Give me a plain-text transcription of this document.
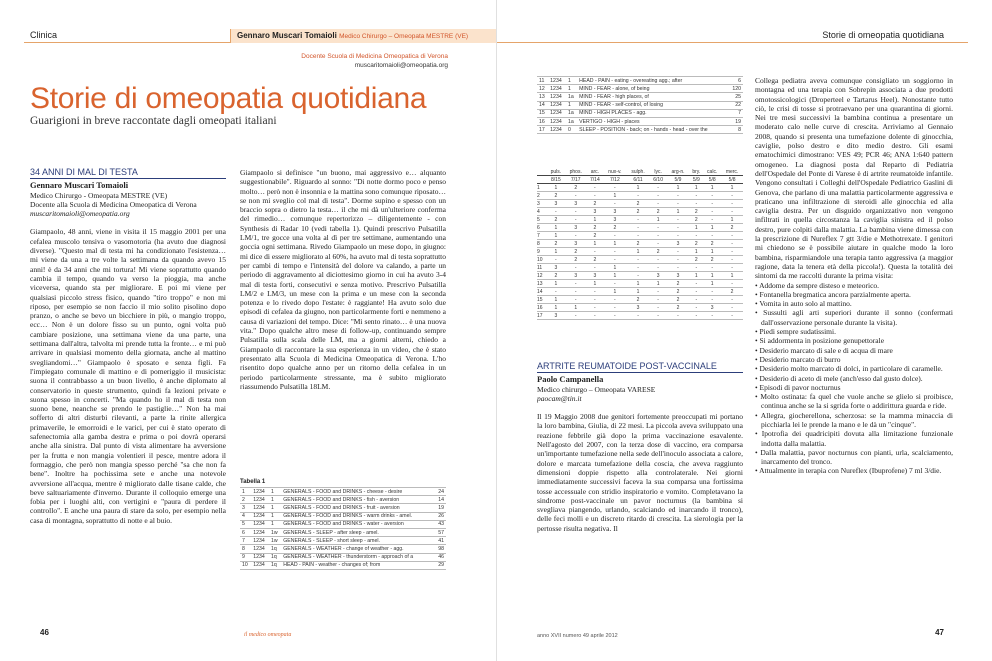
Clinica	Gennaro Muscari Tomaioli Medico Chirurgo – Omeopata MESTRE (VE)
Docente Scuola di Medicina Omeopatica di Verona
muscaritomaioli@omeopatia.org
Storie di omeopatia quotidiana
Guarigioni in breve raccontate dagli omeopati italiani
34 ANNI DI MAL DI TESTA
Gennaro Muscari Tomaioli
Medico Chirurgo - Omeopata MESTRE (VE)
Docente alla Scuola di Medicina Omeopatica di Verona
muscaritomaioli@omeopatia.org

Giampaolo, 48 anni, viene in visita il 15 maggio 2001 per una cefalea muscolo tensiva o vasomotoria (ha avuto due diagnosi diverse). "Questo mal di testa mi ha condizionato l'esistenza… mi viene da una a tre volte la settimana da quando avevo 15 anni! è da 34 anni che mi tortura! Mi viene soprattutto quando cambia il tempo, quando va verso la pioggia, ma anche viceversa, quando sta per migliorare. E poi mi viene per qualsiasi piccolo stress fisico, quando "tiro troppo" e non mi riposo, per esempio se non faccio il mio solito pisolino dopo pranzo, o anche se bevo un bicchiere in più, o mangio troppo, ecc… Non è un dolore fisso su un punto, ogni volta può cambiare posizione, una settimana viene da una parte, una settimana dall'altra, talvolta mi prende tutta la fronte… e mi può arrivare in qualsiasi momento della giornata, anche al mattino svegliandomi…" Giampaolo è sposato e senza figli. Fa l'impiegato comunale di mattino e di pomeriggio il musicista: suona il contrabbasso a un buon livello, è anche diplomato al conservatorio in queste strumento, quindi fa lezioni private e suona spesso in concerti. "Ma quando ho il mal di testa non suono bene, neanche se prendo le pastiglie…" Non ha mai sofferto di altri disturbi rilevanti, a parte la rinite allergica primaverile, le emorroidi e le varici, per cui è stato operato di safenectomia alla gamba destra e prima o poi dovrà operarsi anche alla sinistra. Dal punto di vista alimentare ha avversione per la frutta e non mangia volentieri il pesce, mentre adora il formaggio, che però non mangia spesso perché "sa che non fa bene". Inoltre ha pochissima sete e anche una notevole avversione all'acqua, mentre è migliorato dalle tisane calde, che beve saltuariamente d'inverno. Durante il colloquio emerge una fobia per i luoghi alti, con vertigini e "paura di perdere il controllo". E anche una paura di stare da solo, per esempio nella casa di montagna, soprattutto di notte e al buio.

Giampaolo si definisce "un buono, mai aggressivo e… alquanto suggestionabile". Riguardo al sonno: "Di notte dormo poco e penso molto… però non è insonnia e la mattina sono comunque riposato… se non mi sveglio col mal di testa". Dorme supino e spesso con un braccio sopra o dietro la testa… il che mi dà un'ulteriore conferma del rimedio… comunque repertorizzo – diligentemente - con Synthesis di Radar 10 (vedi tabella 1). Quindi prescrivo Pulsatilla LM/1, tre gocce una volta al dì per tre settimane, aumentando una goccia ogni settimana. Rivedo Giampaolo un mese dopo, in giugno: mi dice di essere migliorato al 60%, ha avuto mal di testa soprattutto per cambi di tempo e l'intensità del dolore va calando, a parte un periodo di aggravamento al diciottesimo giorno in cui ha avuto 3-4 mal di testa forti, consecutivi e senza motivo. Prescrivo Pulsatilla LM/2 e LM/3, un mese con la prima e un mese con la seconda potenza e lo rivedo dopo l'estate: è raggiante! Ha avuto solo due episodi di cefalea da giugno, non particolarmente forti e nemmeno a causa di variazioni del tempo. Dice: "Mi sento rinato… è una nuova vita." Dopo qualche altro mese di follow-up, continuando sempre Pulsatilla sulla scala delle LM, ma a giorni alterni, chiedo a Giampaolo di raccontare la sua esperienza in un video, che è stato presentato alla Scuola di Medicina Omeopatica di Verona. L'ho risentito dopo qualche anno per un ritorno della cefalea in un periodo particolarmente stressante, ma è subito migliorato riassumendo Pulsatilla 18LM.

Tabella 1
1	1234	1	GENERALS - FOOD and DRINKS - cheese - desire	24
2	1234	1	GENERALS - FOOD and DRINKS - fish - aversion	14
3	1234	1	GENERALS - FOOD and DRINKS - fruit - aversion	19
4	1234	1	GENERALS - FOOD and DRINKS - warm drinks - amel.	26
5	1234	1	GENERALS - FOOD and DRINKS - water - aversion	43
6	1234	1w	GENERALS - SLEEP - after sleep - amel.	57
7	1234	1w	GENERALS - SLEEP - short sleep - amel.	41
8	1234	1q	GENERALS - WEATHER - change of weather - agg.	98
9	1234	1q	GENERALS - WEATHER - thunderstorm - approach of a	46
10	1234	1q	HEAD - PAIN - weather - changes of; from	29
46	il medico omeopata
Storie di omeopatia quotidiana
11	1234	1	HEAD - PAIN - eating - overeating agg.; after	6
12	1234	1	MIND - FEAR - alone, of being	120
13	1234	1a	MIND - FEAR - high places, of	25
14	1234	1	MIND - FEAR - self-control, of losing	22
15	1234	1a	MIND - HIGH PLACES - agg.	7
16	1234	1a	VERTIGO - HIGH - places	19
17	1234	0	SLEEP - POSITION - back; on - hands - head - over the	8
	puls.	phos.	arс.	nux-v.	sulph.	lyc.	arg-n.	bry.	calc.	merc.
	8/15	7/17	7/14	7/12	6/11	6/10	5/9	5/9	5/8	5/8
1	1	2	-	-	1	-	1	1	1	1
2	2	-	-	1	-	-	-	-	-	-
3	3	3	2	-	2	-	-	-	-	-
4	-	-	3	3	2	2	1	2	-	-
5	2	-	1	3	-	1	-	2	-	1
6	1	3	2	2	-	-	-	1	1	2
7	1	-	2	-	-	-	-	-	-	-
8	2	3	1	1	2	-	3	2	2	-
9	1	2	-	-	1	2	-	1	1	-
10	-	2	2	-	-	-	-	2	2	-
11	3	-	-	1	-	-	-	-	-	-
12	2	3	3	1	-	3	3	1	1	1
13	1	-	1	-	1	1	2	-	1	-
14	-	-	-	1	1	-	2	-	-	2
15	1	-	-	-	2	-	2	-	-	-
16	1	1	-	-	3	-	2	-	3	-
17	3	-	-	-	-	-	-	-	-	-
ARTRITE REUMATOIDE POST-VACCINALE
Paolo Campanella
Medico chirurgo – Omeopata VARESE
paocam@tin.it

Il 19 Maggio 2008 due genitori fortemente preoccupati mi portano la loro bambina, Giulia, di 22 mesi. La piccola aveva sviluppato una reazione febbrile già dopo la prima vaccinazione esavalente. Nell'agosto del 2007, con la terza dose di vaccino, era comparsa un'importante tumefazione nella sede dell'inoculo associata a calore, dolore e marcata tumefazione della coscia, che aveva raggiunto dimensioni doppie rispetto alla controlaterale. Nei giorni immediatamente successivi faceva la sua comparsa una fortissima tosse accessuale con stridio inspiratorio e vomito. Completavano la sindrome post-vaccinale un pavor nocturnus (la bambina si svegliava piangendo, urlando, scalciando ed inarcando il tronco), delle feci molli e un discreto ritardo di crescita. La sierologia per la pertosse risulta negativa. Il

Collega pediatra aveva comunque consigliato un soggiorno in montagna ed una terapia con Sobrepin associata a due prodotti omotossicologici (Droperteel e Tartarus Heel). Nonostante tutto ciò, le crisi di tosse si protraevano per una quarantina di giorni. Nei tre mesi successivi la bambina continua a presentare un moderato calo nelle curve di crescita. Arriviamo al Gennaio 2008, quando si presenta una tumefazione dolente di ginocchia, caviglie, polso destro e dito medio destro. Gli esami ematochimici dimostrano: VES 49; PCR 46; ANA 1:640 pattern omogeneo. La diagnosi posta dal Reparto di Pediatria dell'Ospedale del Ponte di Varese è di artrite reumatoide infantile. Vengono consultati i Colleghi dell'Ospedale Pediatrico Gaslini di Genova, che parlano di una malattia particolarmente aggressiva e praticano una infiltrazione di steroidi alle ginocchia ed alla caviglia destra. Per un disguido organizzativo non vengono infiltrati in quella circostanza la caviglia sinistra ed il polso destro, pure colpiti dalla malattia. La bambina viene dimessa con la prescrizione di Nureflex 7 gtt 3/die e Methotrexate. I genitori mi chiedono se è possibile aiutare in qualche modo la loro bambina, risparmiandole una terapia tanto aggressiva (a maggior ragione, data la tenera età della piccola!). Questa la totalità dei sintomi da me raccolti durante la prima visita:

• Addome da sempre disteso e meteorico.
• Fontanella bregmatica ancora parzialmente aperta.
• Vomita in auto solo al mattino.
• Sussulti agli arti superiori durante il sonno (confermati dall'osservazione personale durante la visita).
• Piedi sempre sudatissimi.
• Si addormenta in posizione genupettorale
• Desiderio marcato di sale e di acqua di mare
• Desiderio marcato di burro
• Desiderio molto marcato di dolci, in particolare di caramelle.
• Desiderio di aceto di mele (anch'esso dal gusto dolce).
• Episodi di pavor nocturnus
• Molto ostinata: fa quel che vuole anche se glielo si proibisce, continua anche se la si sgrida forte o addirittura guarda e ride.
• Allegra, giocherellona, scherzosa: se la mamma minaccia di picchiarla lei le prende la mano e le dà un "cinque".
• Ipotrofia dei quadricipiti dovuta alla limitazione funzionale indotta dalla malattia.
• Dalla malattia, pavor nocturnus con pianti, urla, scalciamento, inarcamento del tronco.
• Attualmente in terapia con Nureflex (Ibuprofene) 7 ml 3/die.
anno XVII numero 49 aprile 2012	47
